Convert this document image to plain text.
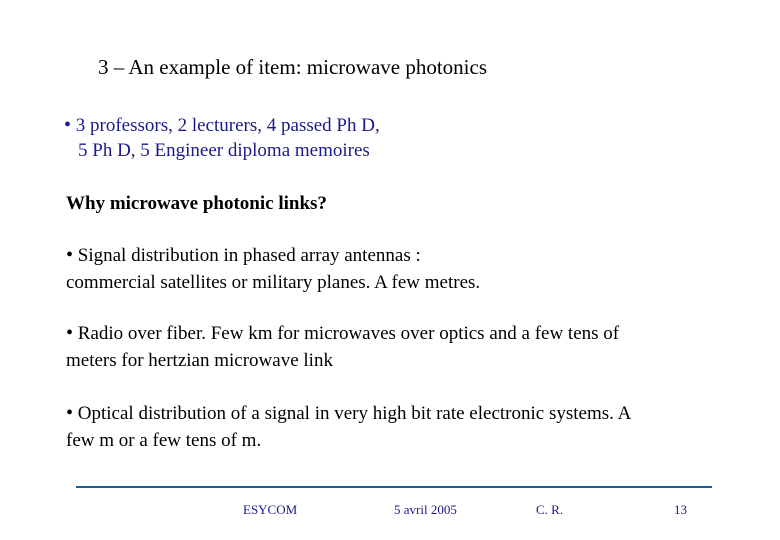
3 – An example of item: microwave photonics
• 3 professors, 2 lecturers, 4 passed Ph D,
5 Ph D, 5 Engineer diploma memoires
Why microwave photonic links?
• Signal distribution in phased array antennas :
commercial satellites or military planes. A few metres.
• Radio over fiber. Few km for microwaves over optics and a few tens of
meters for hertzian microwave link
• Optical distribution of a signal in very high bit rate electronic systems. A
few m or a few tens of m.
ESYCOM	5 avril 2005	C. R.	13
